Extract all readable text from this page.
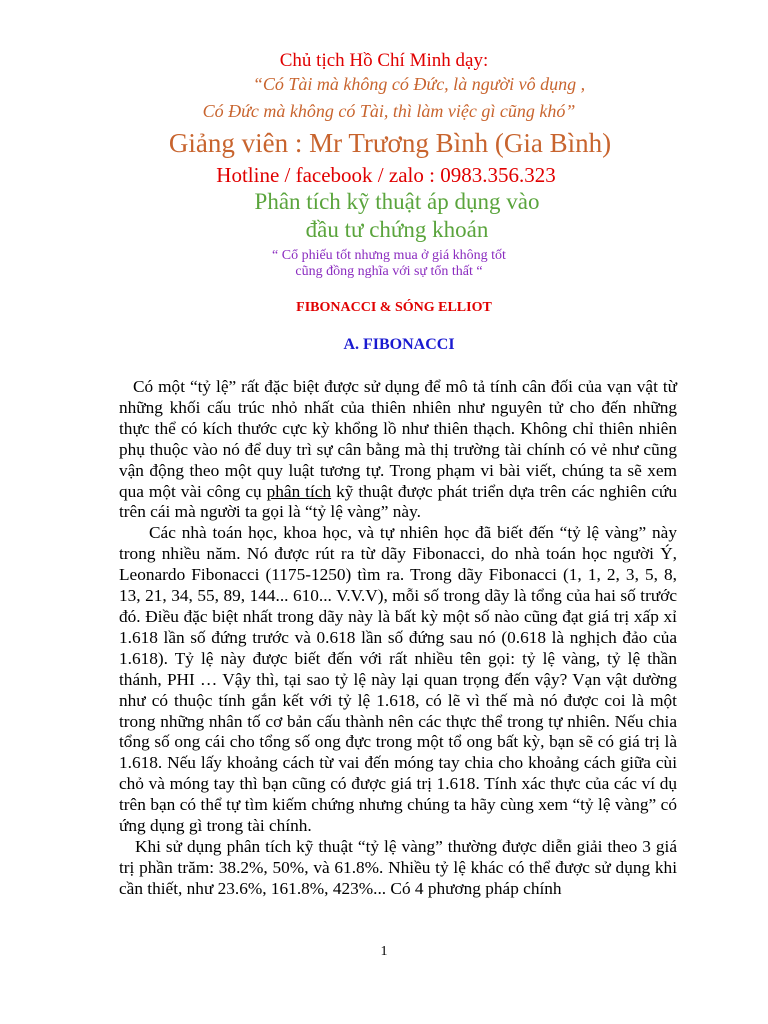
Chủ tịch Hồ Chí Minh dạy:
“Có Tài mà không có Đức, là người vô dụng ,
Có Đức mà không có Tài, thì làm việc gì cũng khó”
Giảng viên : Mr Trương Bình (Gia Bình)
Hotline / facebook / zalo : 0983.356.323
Phân tích kỹ thuật áp dụng vào
đầu tư chứng khoán
“ Cổ phiếu tốt nhưng mua ở giá không tốt
cũng đồng nghĩa với sự tổn thất “
FIBONACCI & SÓNG ELLIOT
A. FIBONACCI

Có một “tỷ lệ” rất đặc biệt được sử dụng để mô tả tính cân đối của vạn vật từ những khối cấu trúc nhỏ nhất của thiên nhiên như nguyên tử cho đến những thực thể có kích thước cực kỳ khổng lồ như thiên thạch. Không chỉ thiên nhiên phụ thuộc vào nó để duy trì sự cân bằng mà thị trường tài chính có vẻ như cũng vận động theo một quy luật tương tự. Trong phạm vi bài viết, chúng ta sẽ xem qua một vài công cụ phân tích kỹ thuật được phát triển dựa trên các nghiên cứu trên cái mà người ta gọi là “tỷ lệ vàng” này.

Các nhà toán học, khoa học, và tự nhiên học đã biết đến “tỷ lệ vàng” này trong nhiều năm. Nó được rút ra từ dãy Fibonacci, do nhà toán học người Ý, Leonardo Fibonacci (1175-1250) tìm ra. Trong dãy Fibonacci (1, 1, 2, 3, 5, 8, 13, 21, 34, 55, 89, 144... 610... V.V.V), mỗi số trong dãy là tổng của hai số trước đó. Điều đặc biệt nhất trong dãy này là bất kỳ một số nào cũng đạt giá trị xấp xỉ 1.618 lần số đứng trước và 0.618 lần số đứng sau nó (0.618 là nghịch đảo của 1.618). Tỷ lệ này được biết đến với rất nhiều tên gọi: tỷ lệ vàng, tỷ lệ thần thánh, PHI … Vậy thì, tại sao tỷ lệ này lại quan trọng đến vậy? Vạn vật dường như có thuộc tính gắn kết với tỷ lệ 1.618, có lẽ vì thế mà nó được coi là một trong những nhân tố cơ bản cấu thành nên các thực thể trong tự nhiên. Nếu chia tổng số ong cái cho tổng số ong đực trong một tổ ong bất kỳ, bạn sẽ có giá trị là 1.618. Nếu lấy khoảng cách từ vai đến móng tay chia cho khoảng cách giữa cùi chỏ và móng tay thì bạn cũng có được giá trị 1.618. Tính xác thực của các ví dụ trên bạn có thể tự tìm kiếm chứng nhưng chúng ta hãy cùng xem “tỷ lệ vàng” có ứng dụng gì trong tài chính.

Khi sử dụng phân tích kỹ thuật “tỷ lệ vàng” thường được diễn giải theo 3 giá trị phần trăm: 38.2%, 50%, và 61.8%. Nhiều tỷ lệ khác có thể được sử dụng khi cần thiết, như 23.6%, 161.8%, 423%... Có 4 phương pháp chính

1
